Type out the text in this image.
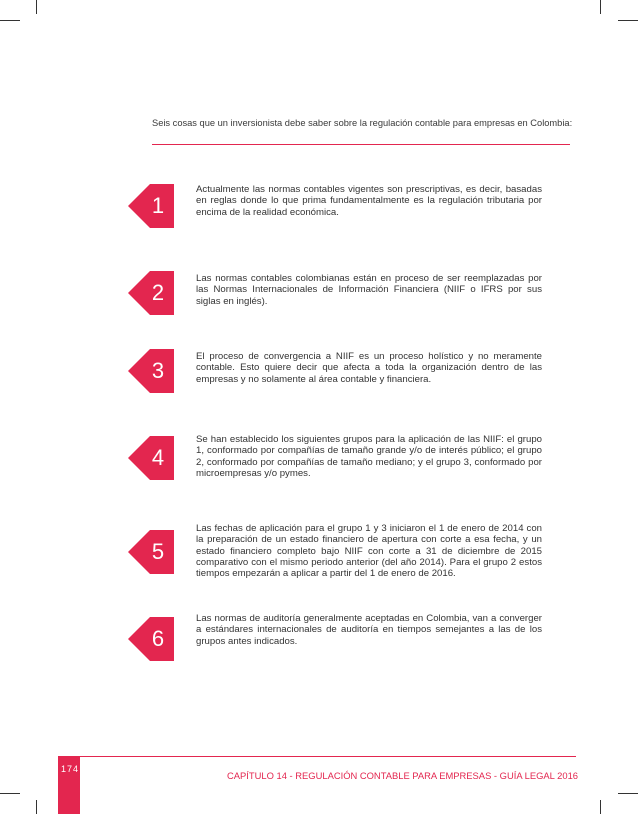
Seis cosas que un inversionista debe saber sobre la regulación contable para empresas en Colombia:
1
Actualmente las normas contables vigentes son prescriptivas, es decir, basadas en reglas donde lo que prima fundamentalmente es la regulación tributaria por encima de la realidad económica.
2
Las normas contables colombianas están en proceso de ser reemplazadas por las Normas Internacionales de Información Financiera (NIIF o IFRS por sus siglas en inglés).
3
El proceso de convergencia a NIIF es un proceso holístico y no meramente contable. Esto quiere decir que afecta a toda la organización dentro de las empresas y no solamente al área contable y financiera.
4
Se han establecido los siguientes grupos para la aplicación de las NIIF: el grupo 1, conformado por compañías de tamaño grande y/o de interés público; el grupo 2, conformado por compañías de tamaño mediano; y el grupo 3, conformado por microempresas y/o pymes.
5
Las fechas de aplicación para el grupo 1 y 3 iniciaron el 1 de enero de 2014 con la preparación de un estado financiero de apertura con corte a esa fecha, y un estado financiero completo bajo NIIF con corte a 31 de diciembre de 2015 comparativo con el mismo periodo anterior (del año 2014). Para el grupo 2 estos tiempos empezarán a aplicar a partir del 1 de enero de 2016.
6
Las normas de auditoría generalmente aceptadas en Colombia, van a converger a estándares internacionales de auditoría en tiempos semejantes a las de los grupos antes indicados.
174
CAPÍTULO 14 - REGULACIÓN CONTABLE PARA EMPRESAS - GUÍA LEGAL 2016
